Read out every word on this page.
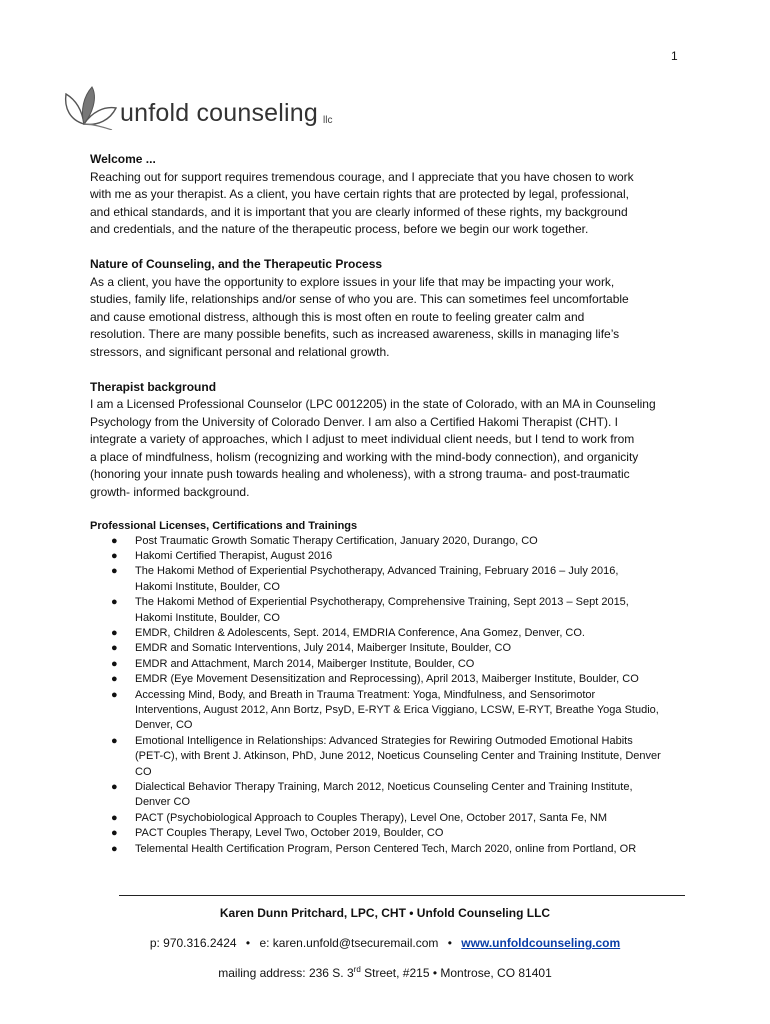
1
unfold counseling llc
Welcome ...
Reaching out for support requires tremendous courage, and I appreciate that you have chosen to work
with me as your therapist. As a client, you have certain rights that are protected by legal, professional,
and ethical standards, and it is important that you are clearly informed of these rights, my background
and credentials, and the nature of the therapeutic process, before we begin our work together.
Nature of Counseling, and the Therapeutic Process
As a client, you have the opportunity to explore issues in your life that may be impacting your work,
studies, family life, relationships and/or sense of who you are. This can sometimes feel uncomfortable
and cause emotional distress, although this is most often en route to feeling greater calm and
resolution. There are many possible benefits, such as increased awareness, skills in managing life’s
stressors, and significant personal and relational growth.
Therapist background
I am a Licensed Professional Counselor (LPC 0012205) in the state of Colorado, with an MA in Counseling
Psychology from the University of Colorado Denver. I am also a Certified Hakomi Therapist (CHT). I
integrate a variety of approaches, which I adjust to meet individual client needs, but I tend to work from
a place of mindfulness, holism (recognizing and working with the mind-body connection), and organicity
(honoring your innate push towards healing and wholeness), with a strong trauma- and post-traumatic
growth- informed background.
Professional Licenses, Certifications and Trainings
● Post Traumatic Growth Somatic Therapy Certification, January 2020, Durango, CO
● Hakomi Certified Therapist, August 2016
● The Hakomi Method of Experiential Psychotherapy, Advanced Training, February 2016 – July 2016,
Hakomi Institute, Boulder, CO
● The Hakomi Method of Experiential Psychotherapy, Comprehensive Training, Sept 2013 – Sept 2015,
Hakomi Institute, Boulder, CO
● EMDR, Children & Adolescents, Sept. 2014, EMDRIA Conference, Ana Gomez, Denver, CO.
● EMDR and Somatic Interventions, July 2014, Maiberger Insitute, Boulder, CO
● EMDR and Attachment, March 2014, Maiberger Institute, Boulder, CO
● EMDR (Eye Movement Desensitization and Reprocessing), April 2013, Maiberger Institute, Boulder, CO
● Accessing Mind, Body, and Breath in Trauma Treatment: Yoga, Mindfulness, and Sensorimotor
Interventions, August 2012, Ann Bortz, PsyD, E-RYT & Erica Viggiano, LCSW, E-RYT, Breathe Yoga Studio,
Denver, CO
● Emotional Intelligence in Relationships: Advanced Strategies for Rewiring Outmoded Emotional Habits
(PET-C), with Brent J. Atkinson, PhD, June 2012, Noeticus Counseling Center and Training Institute, Denver
CO
● Dialectical Behavior Therapy Training, March 2012, Noeticus Counseling Center and Training Institute,
Denver CO
● PACT (Psychobiological Approach to Couples Therapy), Level One, October 2017, Santa Fe, NM
● PACT Couples Therapy, Level Two, October 2019, Boulder, CO
● Telemental Health Certification Program, Person Centered Tech, March 2020, online from Portland, OR
Karen Dunn Pritchard, LPC, CHT • Unfold Counseling LLC
p: 970.316.2424 • e: karen.unfold@tsecuremail.com • www.unfoldcounseling.com
mailing address: 236 S. 3rd Street, #215 • Montrose, CO 81401
